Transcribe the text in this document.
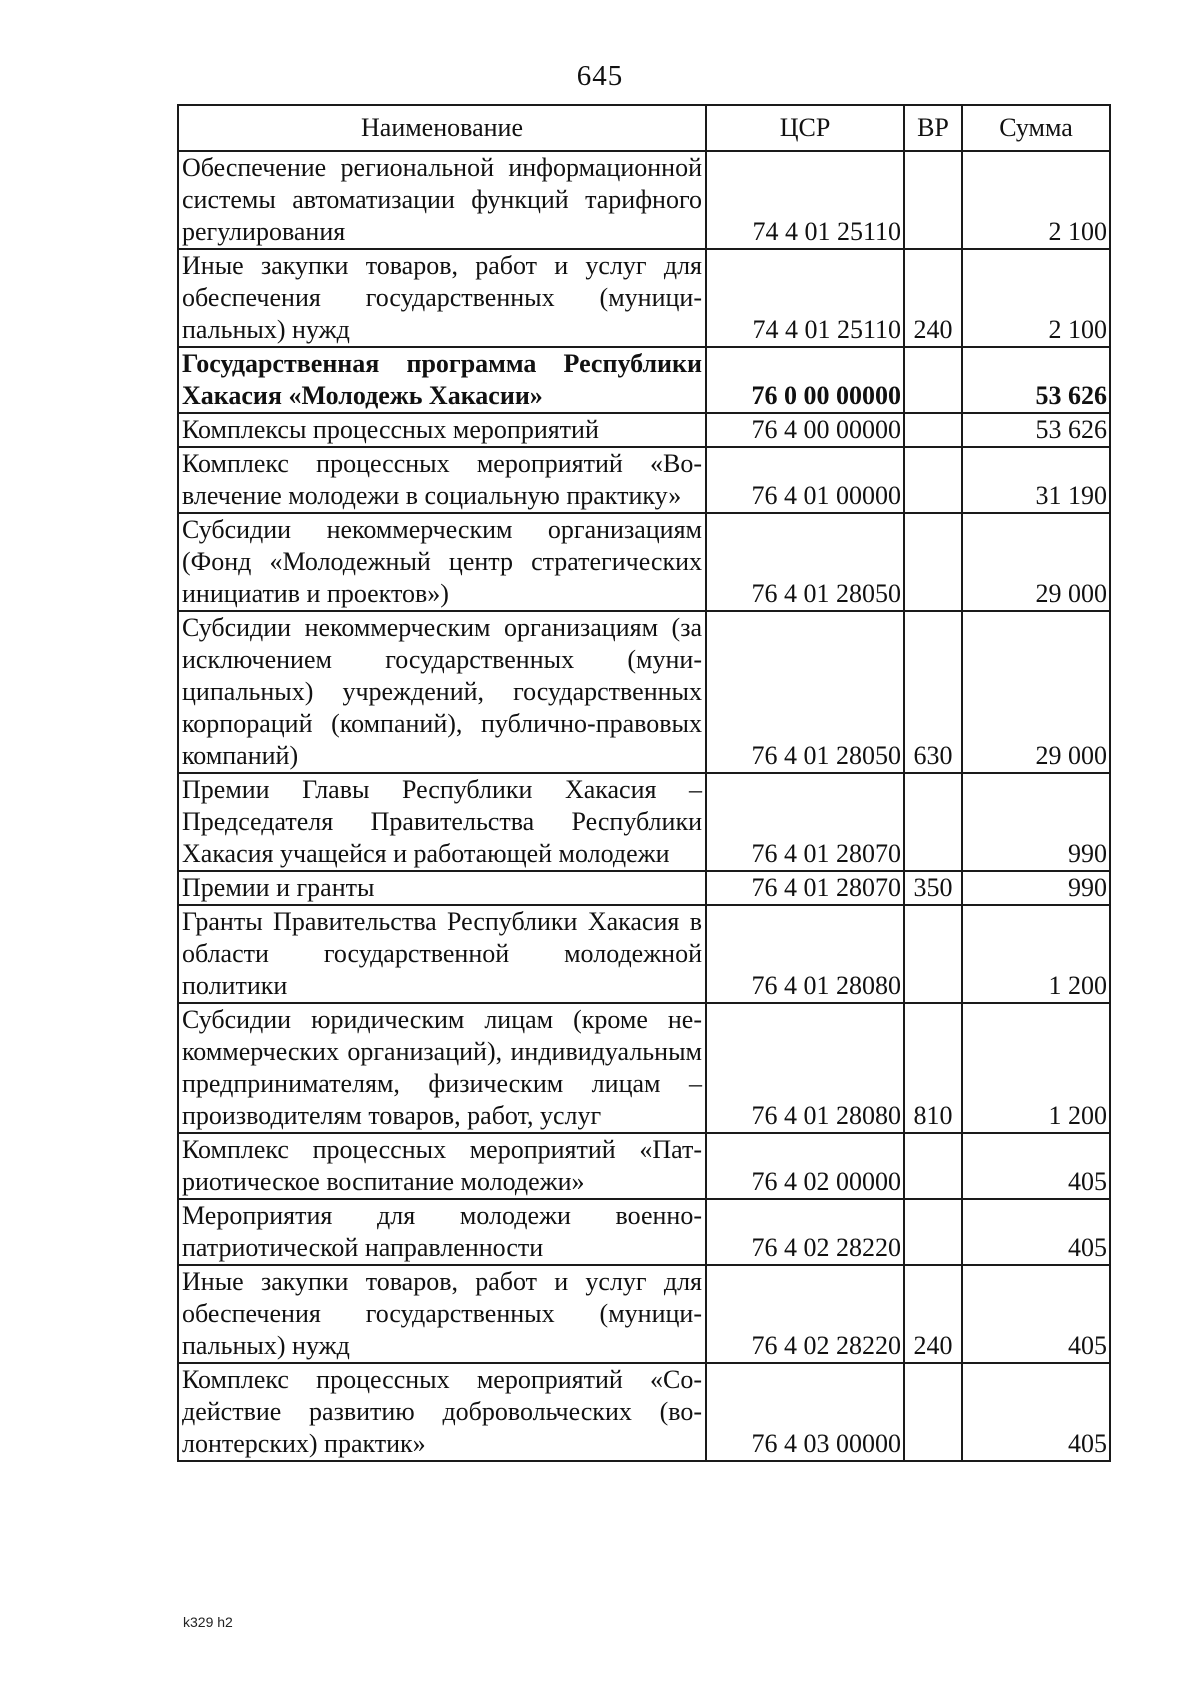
645
Наименование	ЦСР	ВР	Сумма
Обеспечение региональной информационной системы автоматизации функций тарифного регулирования	74 4 01 25110		2 100
Иные закупки товаров, работ и услуг для обеспечения государственных (муниципальных) нужд	74 4 01 25110	240	2 100
Государственная программа Республики Хакасия «Молодежь Хакасии»	76 0 00 00000		53 626
Комплексы процессных мероприятий	76 4 00 00000		53 626
Комплекс процессных мероприятий «Вовлечение молодежи в социальную практику»	76 4 01 00000		31 190
Субсидии некоммерческим организациям (Фонд «Молодежный центр стратегических инициатив и проектов»)	76 4 01 28050		29 000
Субсидии некоммерческим организациям (за исключением государственных (муниципальных) учреждений, государственных корпораций (компаний), публично-правовых компаний)	76 4 01 28050	630	29 000
Премии Главы Республики Хакасия – Председателя Правительства Республики Хакасия учащейся и работающей молодежи	76 4 01 28070		990
Премии и гранты	76 4 01 28070	350	990
Гранты Правительства Республики Хакасия в области государственной молодежной политики	76 4 01 28080		1 200
Субсидии юридическим лицам (кроме некоммерческих организаций), индивидуальным предпринимателям, физическим лицам – производителям товаров, работ, услуг	76 4 01 28080	810	1 200
Комплекс процессных мероприятий «Патриотическое воспитание молодежи»	76 4 02 00000		405
Мероприятия для молодежи военно-патриотической направленности	76 4 02 28220		405
Иные закупки товаров, работ и услуг для обеспечения государственных (муниципальных) нужд	76 4 02 28220	240	405
Комплекс процессных мероприятий «Содействие развитию добровольческих (волонтерских) практик»	76 4 03 00000		405
k329 h2
